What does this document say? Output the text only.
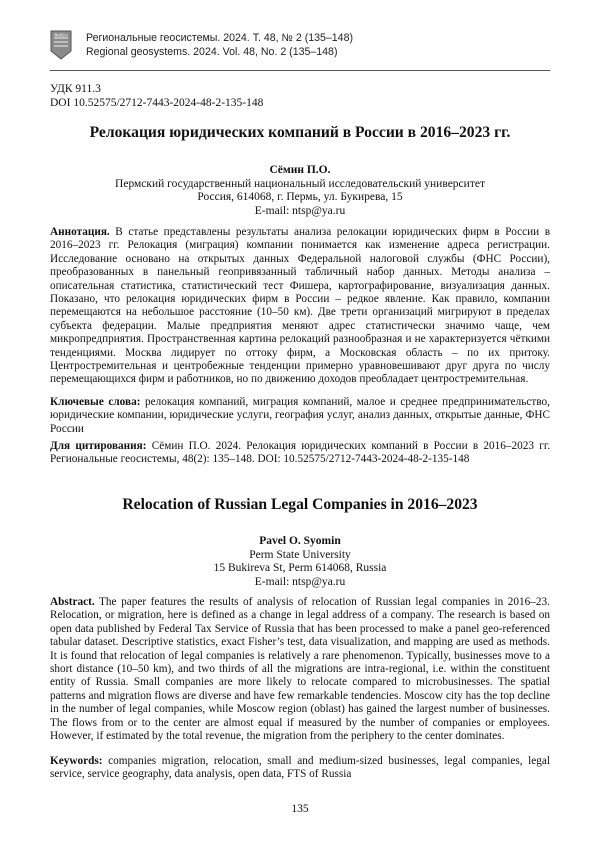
BelGU Региональные геосистемы. 2024. Т. 48, № 2 (135–148)
Regional geosystems. 2024. Vol. 48, No. 2 (135–148)
УДК 911.3
DOI 10.52575/2712-7443-2024-48-2-135-148
Релокация юридических компаний в России в 2016–2023 гг.
Сёмин П.О.
Пермский государственный национальный исследовательский университет
Россия, 614068, г. Пермь, ул. Букирева, 15
E-mail: ntsp@ya.ru

Аннотация. В статье представлены результаты анализа релокации юридических фирм в России в 2016–2023 гг. Релокация (миграция) компании понимается как изменение адреса регистрации. Исследование основано на открытых данных Федеральной налоговой службы (ФНС России), преобразованных в панельный геопривязанный табличный набор данных. Методы анализа – описательная статистика, статистический тест Фишера, картографирование, визуализация данных. Показано, что релокация юридических фирм в России – редкое явление. Как правило, компании перемещаются на небольшое расстояние (10–50 км). Две трети организаций мигрируют в пределах субъекта федерации. Малые предприятия меняют адрес статистически значимо чаще, чем микропредприятия. Пространственная картина релокаций разнообразная и не характеризуется чёткими тенденциями. Москва лидирует по оттоку фирм, а Московская область – по их притоку. Центростремительная и центробежные тенденции примерно уравновешивают друг друга по числу перемещающихся фирм и работников, но по движению доходов преобладает центростремительная.

Ключевые слова: релокация компаний, миграция компаний, малое и среднее предпринимательство, юридические компании, юридические услуги, география услуг, анализ данных, открытые данные, ФНС России

Для цитирования: Сёмин П.О. 2024. Релокация юридических компаний в России в 2016–2023 гг. Региональные геосистемы, 48(2): 135–148. DOI: 10.52575/2712-7443-2024-48-2-135-148

Relocation of Russian Legal Companies in 2016–2023
Pavel O. Syomin
Perm State University
15 Bukireva St, Perm 614068, Russia
E-mail: ntsp@ya.ru

Abstract. The paper features the results of analysis of relocation of Russian legal companies in 2016–23. Relocation, or migration, here is defined as a change in legal address of a company. The research is based on open data published by Federal Tax Service of Russia that has been processed to make a panel geo-referenced tabular dataset. Descriptive statistics, exact Fisher’s test, data visualization, and mapping are used as methods. It is found that relocation of legal companies is relatively a rare phenomenon. Typically, businesses move to a short distance (10–50 km), and two thirds of all the migrations are intra-regional, i.e. within the constituent entity of Russia. Small companies are more likely to relocate compared to microbusinesses. The spatial patterns and migration flows are diverse and have few remarkable tendencies. Moscow city has the top decline in the number of legal companies, while Moscow region (oblast) has gained the largest number of businesses. The flows from or to the center are almost equal if measured by the number of companies or employees. However, if estimated by the total revenue, the migration from the periphery to the center dominates.

Keywords: companies migration, relocation, small and medium-sized businesses, legal companies, legal service, service geography, data analysis, open data, FTS of Russia

135
